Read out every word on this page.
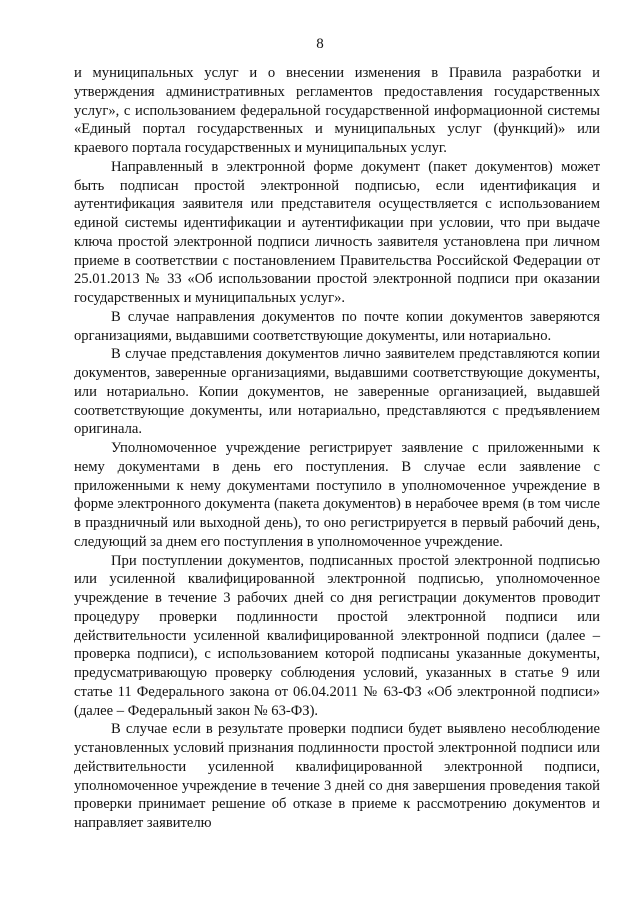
8

и муниципальных услуг и о внесении изменения в Правила разработки и утверждения административных регламентов предоставления государственных услуг», с использованием федеральной государственной информационной системы «Единый портал государственных и муниципальных услуг (функций)» или краевого портала государственных и муниципальных услуг.

Направленный в электронной форме документ (пакет документов) может быть подписан простой электронной подписью, если идентификация и аутентификация заявителя или представителя осуществляется с использованием единой системы идентификации и аутентификации при условии, что при выдаче ключа простой электронной подписи личность заявителя установлена при личном приеме в соответствии с постановлением Правительства Российской Федерации от 25.01.2013 № 33 «Об использовании простой электронной подписи при оказании государственных и муниципальных услуг».

В случае направления документов по почте копии документов заверяются организациями, выдавшими соответствующие документы, или нотариально.

В случае представления документов лично заявителем представляются копии документов, заверенные организациями, выдавшими соответствующие документы, или нотариально. Копии документов, не заверенные организацией, выдавшей соответствующие документы, или нотариально, представляются с предъявлением оригинала.

Уполномоченное учреждение регистрирует заявление с приложенными к нему документами в день его поступления. В случае если заявление с приложенными к нему документами поступило в уполномоченное учреждение в форме электронного документа (пакета документов) в нерабочее время (в том числе в праздничный или выходной день), то оно регистрируется в первый рабочий день, следующий за днем его поступления в уполномоченное учреждение.

При поступлении документов, подписанных простой электронной подписью или усиленной квалифицированной электронной подписью, уполномоченное учреждение в течение 3 рабочих дней со дня регистрации документов проводит процедуру проверки подлинности простой электронной подписи или действительности усиленной квалифицированной электронной подписи (далее – проверка подписи), с использованием которой подписаны указанные документы, предусматривающую проверку соблюдения условий, указанных в статье 9 или статье 11 Федерального закона от 06.04.2011 № 63-ФЗ «Об электронной подписи» (далее – Федеральный закон № 63-ФЗ).

В случае если в результате проверки подписи будет выявлено несоблюдение установленных условий признания подлинности простой электронной подписи или действительности усиленной квалифицированной электронной подписи, уполномоченное учреждение в течение 3 дней со дня завершения проведения такой проверки принимает решение об отказе в приеме к рассмотрению документов и направляет заявителю
